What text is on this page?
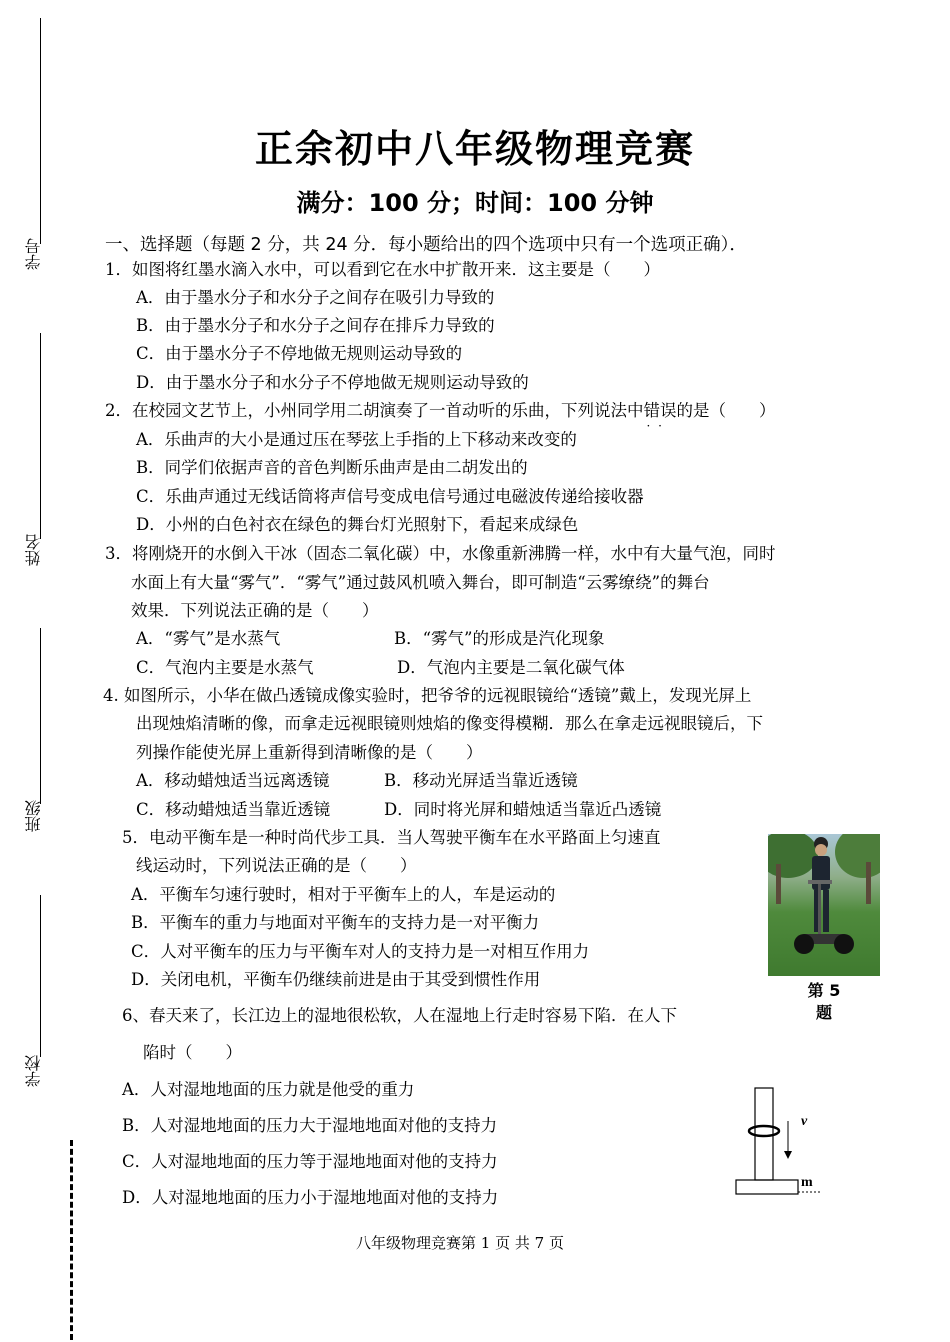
学号
姓名
班级
学校
正余初中八年级物理竞赛
满分：100 分；时间：100 分钟
一、选择题（每题 2 分，共 24 分．每小题给出的四个选项中只有一个选项正确）．
1．如图将红墨水滴入水中，可以看到它在水中扩散开来．这主要是（　　）
A．由于墨水分子和水分子之间存在吸引力导致的
B．由于墨水分子和水分子之间存在排斥力导致的
C．由于墨水分子不停地做无规则运动导致的
D．由于墨水分子和水分子不停地做无规则运动导致的
2．在校园文艺节上，小州同学用二胡演奏了一首动听的乐曲，下列说法中错误 · ·的是（　　）
A．乐曲声的大小是通过压在琴弦上手指的上下移动来改变的
B．同学们依据声音的音色判断乐曲声是由二胡发出的
C．乐曲声通过无线话筒将声信号变成电信号通过电磁波传递给接收器
D．小州的白色衬衣在绿色的舞台灯光照射下，看起来成绿色
3．将刚烧开的水倒入干冰（固态二氧化碳）中，水像重新沸腾一样，水中有大量气泡，同时
水面上有大量“雾气”．“雾气”通过鼓风机喷入舞台，即可制造“云雾缭绕”的舞台
效果．下列说法正确的是（　　）
A．“雾气”是水蒸气	B．“雾气”的形成是汽化现象
C．气泡内主要是水蒸气	D．气泡内主要是二氧化碳气体
4. 如图所示，小华在做凸透镜成像实验时，把爷爷的远视眼镜给“透镜”戴上，发现光屏上
出现烛焰清晰的像，而拿走远视眼镜则烛焰的像变得模糊．那么在拿走远视眼镜后，下
列操作能使光屏上重新得到清晰像的是（　　）
A．移动蜡烛适当远离透镜	B．移动光屏适当靠近透镜
C．移动蜡烛适当靠近透镜	D．同时将光屏和蜡烛适当靠近凸透镜
5．电动平衡车是一种时尚代步工具．当人驾驶平衡车在水平路面上匀速直
线运动时，下列说法正确的是（　　）
A．平衡车匀速行驶时，相对于平衡车上的人，车是运动的
B．平衡车的重力与地面对平衡车的支持力是一对平衡力
C．人对平衡车的压力与平衡车对人的支持力是一对相互作用力
D．关闭电机，平衡车仍继续前进是由于其受到惯性作用
第 5
题
6、春天来了，长江边上的湿地很松软，人在湿地上行走时容易下陷．在人下
陷时（　　）
A．人对湿地地面的压力就是他受的重力
B．人对湿地地面的压力大于湿地地面对他的支持力
C．人对湿地地面的压力等于湿地地面对他的支持力
D．人对湿地地面的压力小于湿地地面对他的支持力
v
m
八年级物理竞赛第 1 页 共 7 页
